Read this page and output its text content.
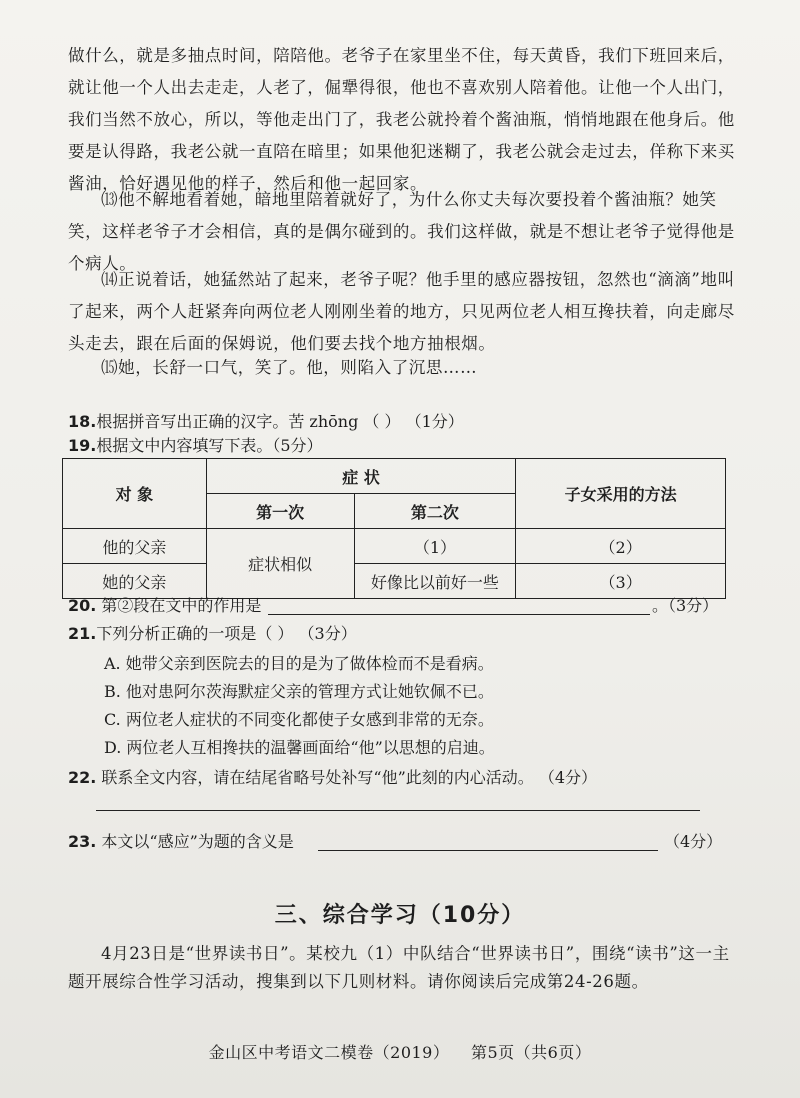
做什么，就是多抽点时间，陪陪他。老爷子在家里坐不住，每天黄昏，我们下班回来后，就让他一个人出去走走，人老了，倔犟得很，他也不喜欢别人陪着他。让他一个人出门，我们当然不放心，所以，等他走出门了，我老公就拎着个酱油瓶，悄悄地跟在他身后。他要是认得路，我老公就一直陪在暗里；如果他犯迷糊了，我老公就会走过去，佯称下来买酱油，恰好遇见他的样子，然后和他一起回家。

⒀他不解地看着她，暗地里陪着就好了，为什么你丈夫每次要投着个酱油瓶？她笑笑，这样老爷子才会相信，真的是偶尔碰到的。我们这样做，就是不想让老爷子觉得他是个病人。

⒁正说着话，她猛然站了起来，老爷子呢？他手里的感应器按钮，忽然也“滴滴”地叫了起来，两个人赶紧奔向两位老人刚刚坐着的地方，只见两位老人相互搀扶着，向走廊尽头走去，跟在后面的保姆说，他们要去找个地方抽根烟。

⒂她，长舒一口气，笑了。他，则陷入了沉思……

18.根据拼音写出正确的汉字。苦 zhōng （ ） （1分）
19.根据文中内容填写下表。（5分）
对 象	症 状		子女采用的方法
	第一次	第二次	
他的父亲	症状相似	（1）	（2）
她的父亲		好像比以前好一些	（3）
20. 第②段在文中的作用是	。（3分）
21.下列分析正确的一项是（ ） （3分）
A. 她带父亲到医院去的目的是为了做体检而不是看病。
B. 他对患阿尔茨海默症父亲的管理方式让她钦佩不已。
C. 两位老人症状的不同变化都使子女感到非常的无奈。
D. 两位老人互相搀扶的温馨画面给“他”以思想的启迪。
22. 联系全文内容，请在结尾省略号处补写“他”此刻的内心活动。 （4分）
23. 本文以“感应”为题的含义是	（4分）
三、综合学习（10分）

4月23日是“世界读书日”。某校九（1）中队结合“世界读书日”，围绕“读书”这一主题开展综合性学习活动，搜集到以下几则材料。请你阅读后完成第24-26题。

金山区中考语文二模卷（2019） 第5页（共6页）
